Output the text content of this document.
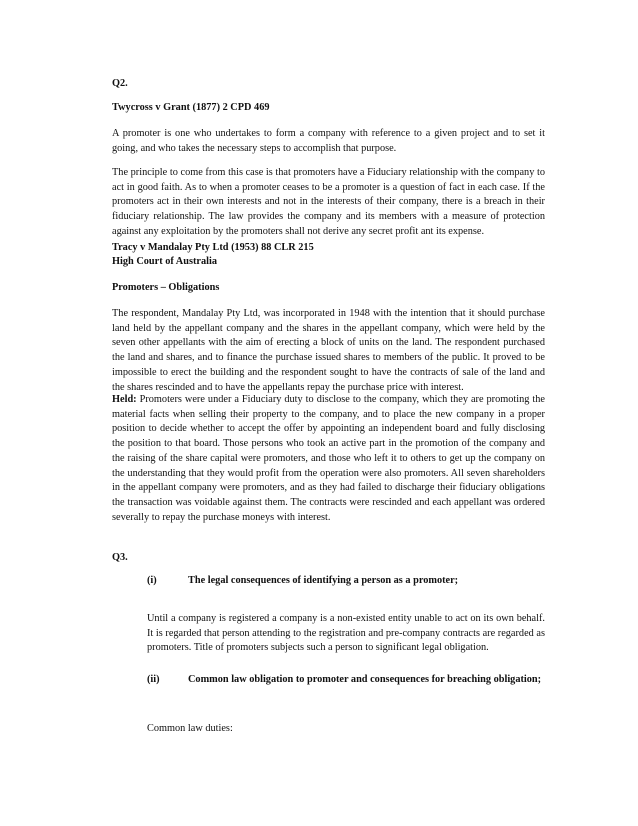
Q2.

Twycross v Grant (1877) 2 CPD 469

A promoter is one who undertakes to form a company with reference to a given project and to set it going, and who takes the necessary steps to accomplish that purpose.

The principle to come from this case is that promoters have a Fiduciary relationship with the company to act in good faith. As to when a promoter ceases to be a promoter is a question of fact in each case. If the promoters act in their own interests and not in the interests of their company, there is a breach in their fiduciary relationship. The law provides the company and its members with a measure of protection against any exploitation by the promoters shall not derive any secret profit ant its expense.

Tracy v Mandalay Pty Ltd (1953) 88 CLR 215

High Court of Australia

Promoters – Obligations

The respondent, Mandalay Pty Ltd, was incorporated in 1948 with the intention that it should purchase land held by the appellant company and the shares in the appellant company, which were held by the seven other appellants with the aim of erecting a block of units on the land. The respondent purchased the land and shares, and to finance the purchase issued shares to members of the public. It proved to be impossible to erect the building and the respondent sought to have the contracts of sale of the land and the shares rescinded and to have the appellants repay the purchase price with interest.

Held: Promoters were under a Fiduciary duty to disclose to the company, which they are promoting the material facts when selling their property to the company, and to place the new company in a proper position to decide whether to accept the offer by appointing an independent board and fully disclosing the position to that board. Those persons who took an active part in the promotion of the company and the raising of the share capital were promoters, and those who left it to others to get up the company on the understanding that they would profit from the operation were also promoters. All seven shareholders in the appellant company were promoters, and as they had failed to discharge their fiduciary obligations the transaction was voidable against them. The contracts were rescinded and each appellant was ordered severally to repay the purchase moneys with interest.

Q3.

(i)	The legal consequences of identifying a person as a promoter;

Until a company is registered a company is a non-existed entity unable to act on its own behalf. It is regarded that person attending to the registration and pre-company contracts are regarded as promoters. Title of promoters subjects such a person to significant legal obligation.

(ii)	Common law obligation to promoter and consequences for breaching obligation;

Common law duties:
